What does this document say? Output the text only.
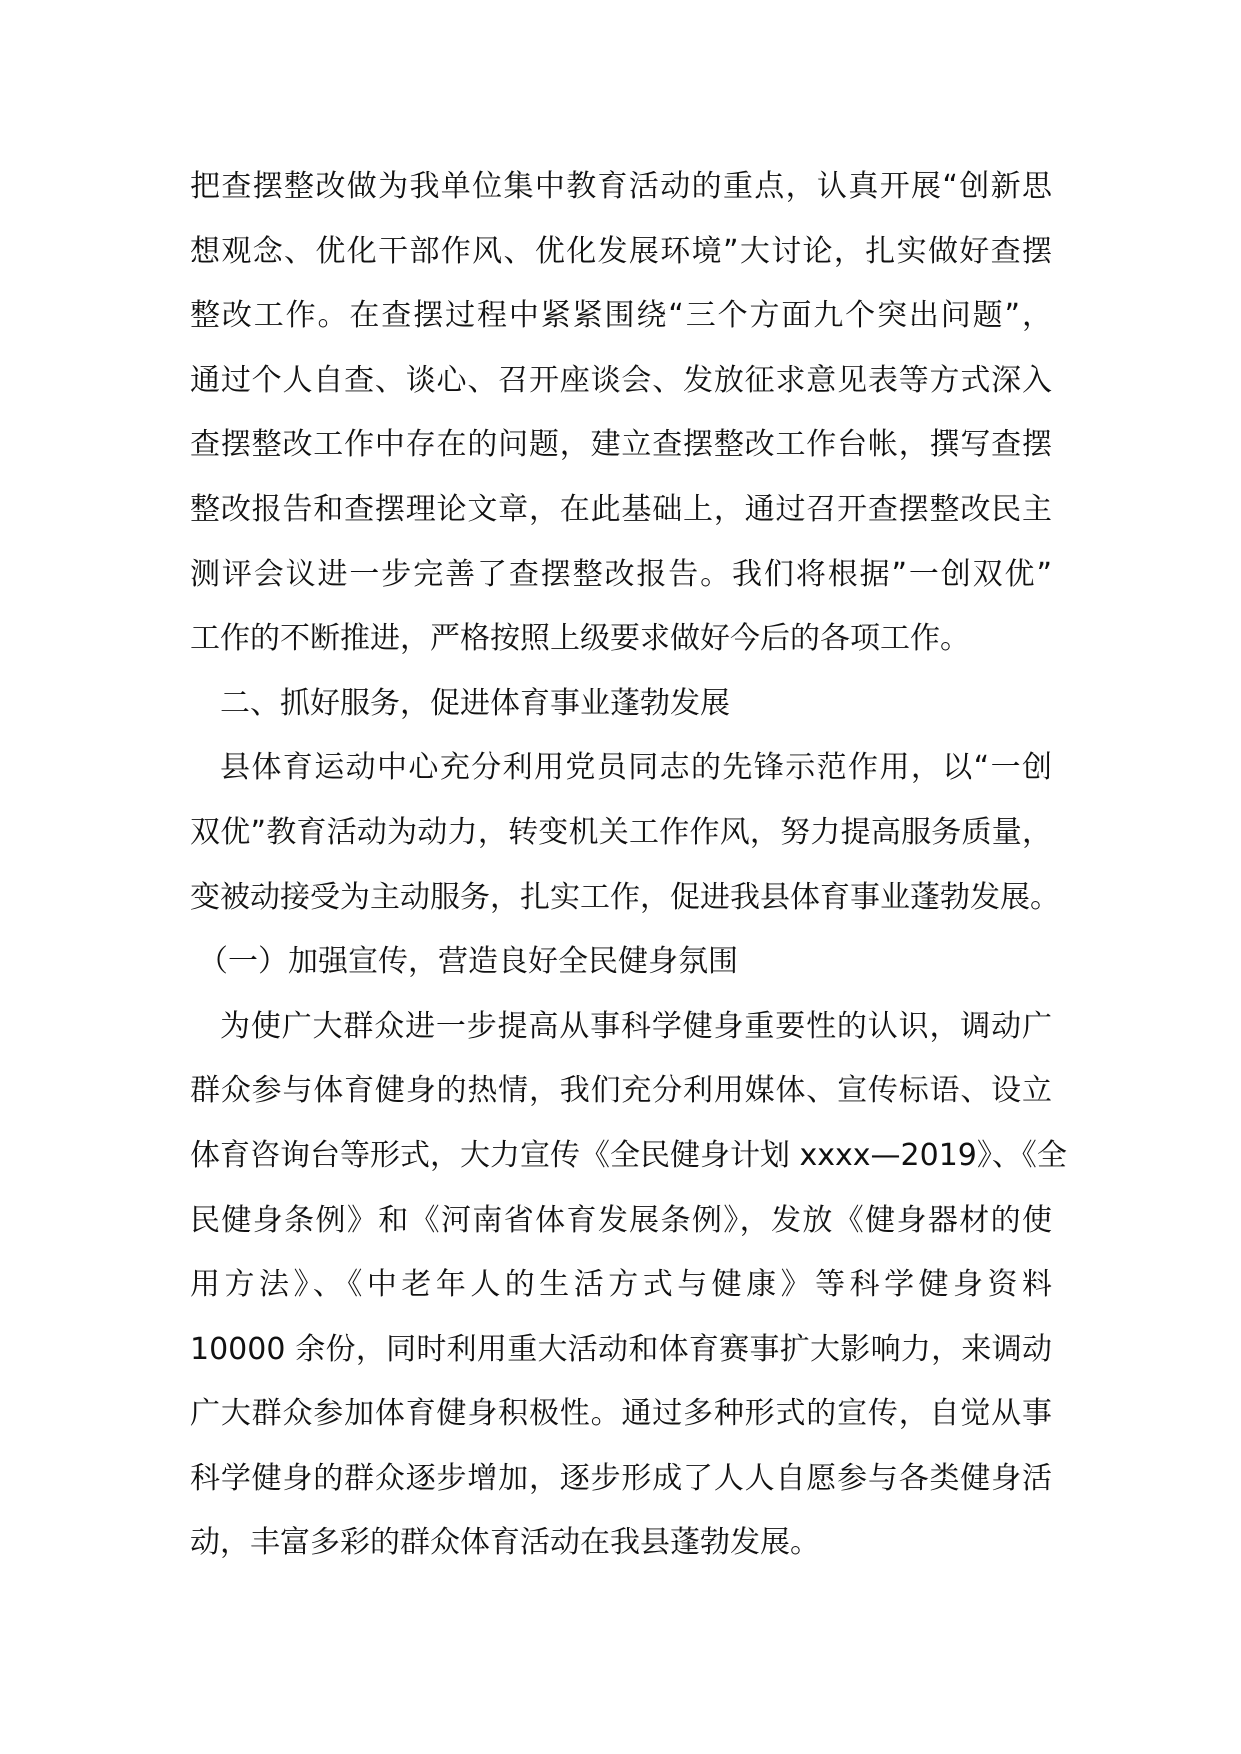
把查摆整改做为我单位集中教育活动的重点，认真开展“创新思
想观念、优化干部作风、优化发展环境”大讨论，扎实做好查摆
整改工作。在查摆过程中紧紧围绕“三个方面九个突出问题”，
通过个人自查、谈心、召开座谈会、发放征求意见表等方式深入
查摆整改工作中存在的问题，建立查摆整改工作台帐，撰写查摆
整改报告和查摆理论文章，在此基础上，通过召开查摆整改民主
测评会议进一步完善了查摆整改报告。我们将根据”一创双优”
工作的不断推进，严格按照上级要求做好今后的各项工作。
二、抓好服务，促进体育事业蓬勃发展
县体育运动中心充分利用党员同志的先锋示范作用，以“一创
双优”教育活动为动力，转变机关工作作风，努力提高服务质量，
变被动接受为主动服务，扎实工作，促进我县体育事业蓬勃发展。
（一）加强宣传，营造良好全民健身氛围
为使广大群众进一步提高从事科学健身重要性的认识，调动广
群众参与体育健身的热情，我们充分利用媒体、宣传标语、设立
体育咨询台等形式，大力宣传《全民健身计划 xxxx—2019》、《全
民健身条例》和《河南省体育发展条例》，发放《健身器材的使
用方法》、《中老年人的生活方式与健康》等科学健身资料
10000 余份，同时利用重大活动和体育赛事扩大影响力，来调动
广大群众参加体育健身积极性。通过多种形式的宣传，自觉从事
科学健身的群众逐步增加，逐步形成了人人自愿参与各类健身活
动，丰富多彩的群众体育活动在我县蓬勃发展。
